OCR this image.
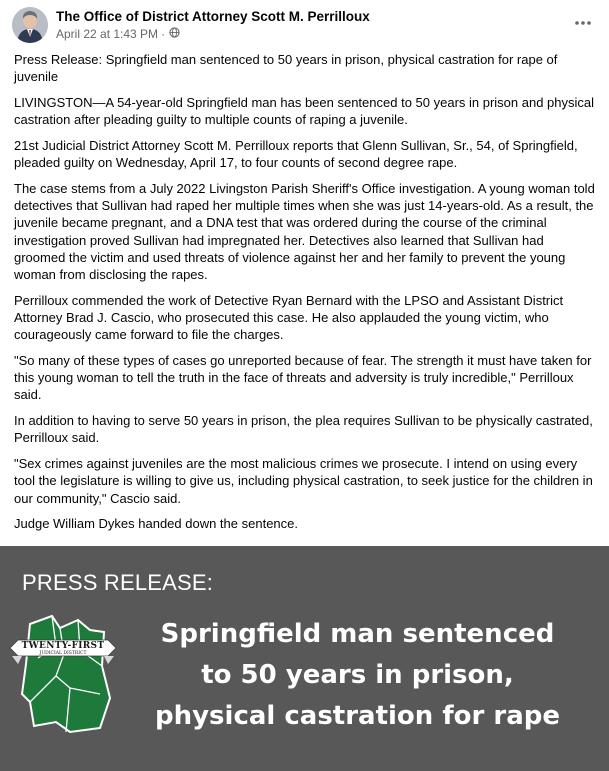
The Office of District Attorney Scott M. Perrilloux
April 22 at 1:43 PM ·

Press Release: Springfield man sentenced to 50 years in prison, physical castration for rape of juvenile

LIVINGSTON—A 54-year-old Springfield man has been sentenced to 50 years in prison and physical castration after pleading guilty to multiple counts of raping a juvenile.

21st Judicial District Attorney Scott M. Perrilloux reports that Glenn Sullivan, Sr., 54, of Springfield, pleaded guilty on Wednesday, April 17, to four counts of second degree rape.

The case stems from a July 2022 Livingston Parish Sheriff's Office investigation. A young woman told detectives that Sullivan had raped her multiple times when she was just 14-years-old. As a result, the juvenile became pregnant, and a DNA test that was ordered during the course of the criminal investigation proved Sullivan had impregnated her. Detectives also learned that Sullivan had groomed the victim and used threats of violence against her and her family to prevent the young woman from disclosing the rapes.

Perrilloux commended the work of Detective Ryan Bernard with the LPSO and Assistant District Attorney Brad J. Cascio, who prosecuted this case. He also applauded the young victim, who courageously came forward to file the charges.

"So many of these types of cases go unreported because of fear. The strength it must have taken for this young woman to tell the truth in the face of threats and adversity is truly incredible," Perrilloux said.

In addition to having to serve 50 years in prison, the plea requires Sullivan to be physically castrated, Perrilloux said.

"Sex crimes against juveniles are the most malicious crimes we prosecute. I intend on using every tool the legislature is willing to give us, including physical castration, to seek justice for the children in our community," Cascio said.

Judge William Dykes handed down the sentence.

PRESS RELEASE:
TWENTY-FIRST
JUDICIAL DISTRICT
Springfield man sentenced
to 50 years in prison,
physical castration for rape
